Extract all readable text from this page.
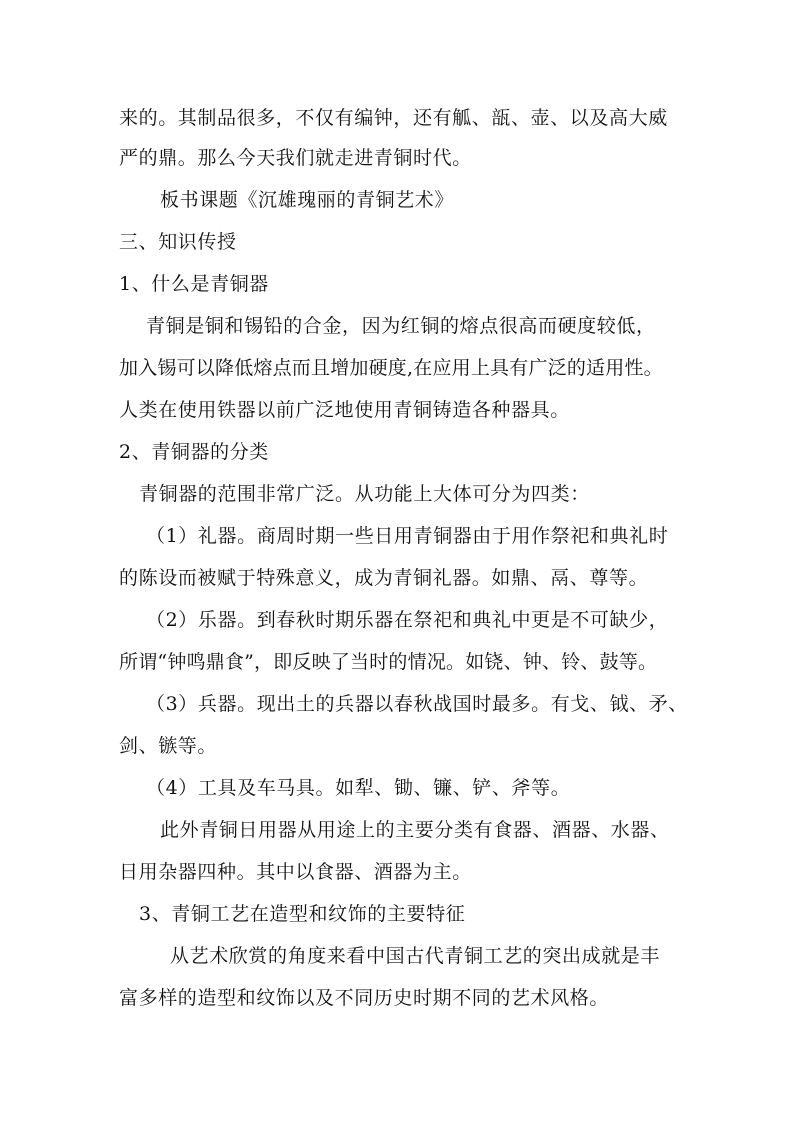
来的。其制品很多，不仅有编钟，还有觚、瓿、壶、以及高大威
严的鼎。那么今天我们就走进青铜时代。
板书课题《沉雄瑰丽的青铜艺术》
三、知识传授
1、什么是青铜器
青铜是铜和锡铅的合金，因为红铜的熔点很高而硬度较低，
加入锡可以降低熔点而且增加硬度,在应用上具有广泛的适用性。
人类在使用铁器以前广泛地使用青铜铸造各种器具。
2、青铜器的分类
青铜器的范围非常广泛。从功能上大体可分为四类：
（1）礼器。商周时期一些日用青铜器由于用作祭祀和典礼时
的陈设而被赋于特殊意义，成为青铜礼器。如鼎、鬲、尊等。
（2）乐器。到春秋时期乐器在祭祀和典礼中更是不可缺少，
所谓“钟鸣鼎食”，即反映了当时的情况。如铙、钟、铃、鼓等。
（3）兵器。现出土的兵器以春秋战国时最多。有戈、钺、矛、
剑、镞等。
（4）工具及车马具。如犁、锄、镰、铲、斧等。
此外青铜日用器从用途上的主要分类有食器、酒器、水器、
日用杂器四种。其中以食器、酒器为主。
3、青铜工艺在造型和纹饰的主要特征
从艺术欣赏的角度来看中国古代青铜工艺的突出成就是丰
富多样的造型和纹饰以及不同历史时期不同的艺术风格。
